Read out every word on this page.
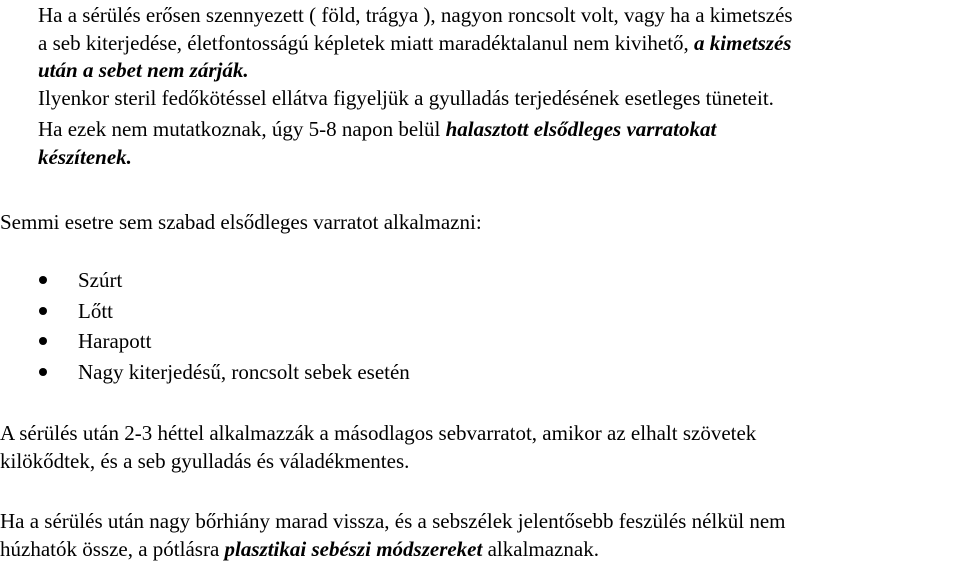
Ha a sérülés erősen szennyezett ( föld, trágya ), nagyon roncsolt volt, vagy ha a kimetszés
a seb kiterjedése, életfontosságú képletek miatt maradéktalanul nem kivihető, a kimetszés
után a sebet nem zárják.
Ilyenkor steril fedőkötéssel ellátva figyeljük a gyulladás terjedésének esetleges tüneteit.
Ha ezek nem mutatkoznak, úgy 5-8 napon belül halasztott elsődleges varratokat
készítenek.
Semmi esetre sem szabad elsődleges varratot alkalmazni:
Szúrt
Lőtt
Harapott
Nagy kiterjedésű, roncsolt sebek esetén
A sérülés után 2-3 héttel alkalmazzák a másodlagos sebvarratot, amikor az elhalt szövetek
kilökődtek, és a seb gyulladás és váladékmentes.
Ha a sérülés után nagy bőrhiány marad vissza, és a sebszélek jelentősebb feszülés nélkül nem
húzhatók össze, a pótlásra plasztikai sebészi módszereket alkalmaznak.
